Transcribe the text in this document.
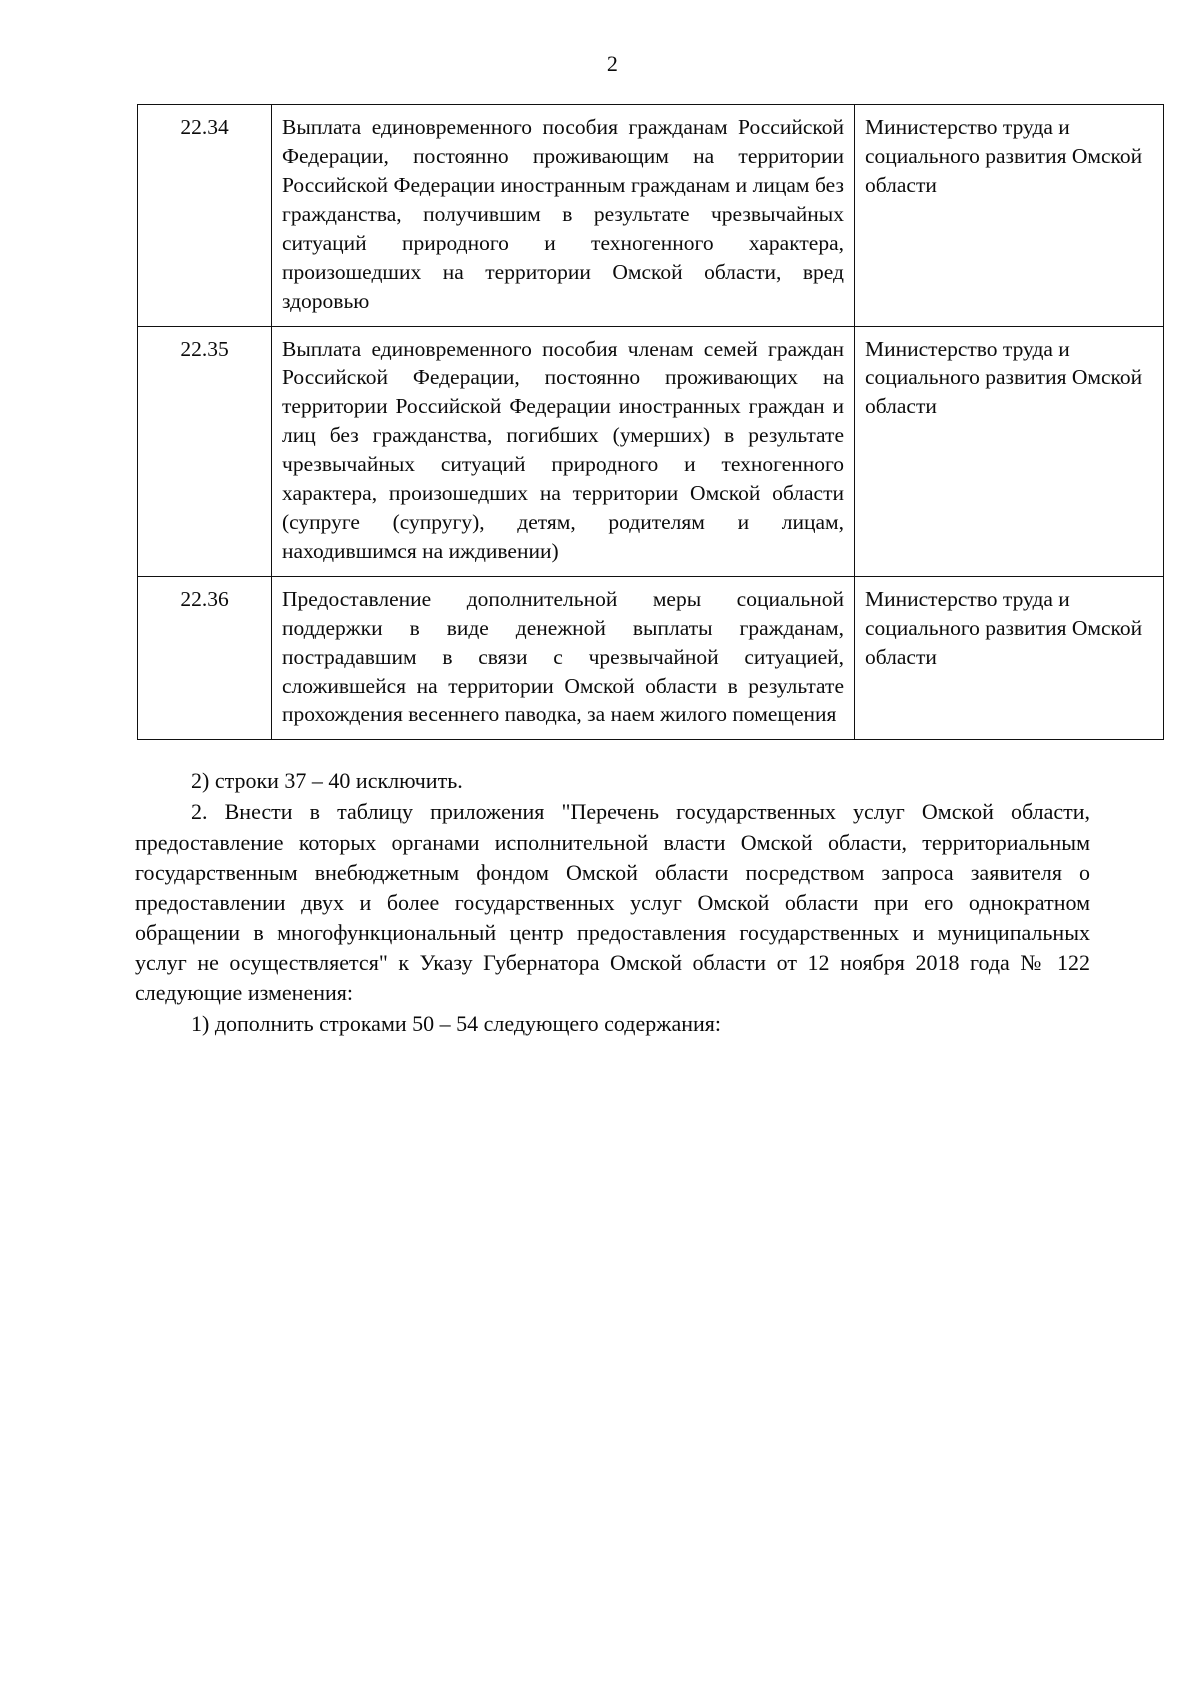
2
22.34	Выплата единовременного пособия гражданам Российской Федерации, постоянно проживающим на территории Российской Федерации иностранным гражданам и лицам без гражданства, получившим в результате чрезвычайных ситуаций природного и техногенного характера, произошедших на территории Омской области, вред здоровью	Министерство труда и социального развития Омской области
22.35	Выплата единовременного пособия членам семей граждан Российской Федерации, постоянно проживающих на территории Российской Федерации иностранных граждан и лиц без гражданства, погибших (умерших) в результате чрезвычайных ситуаций природного и техногенного характера, произошедших на территории Омской области (супруге (супругу), детям, родителям и лицам, находившимся на иждивении)	Министерство труда и социального развития Омской области
22.36	Предоставление дополнительной меры социальной поддержки в виде денежной выплаты гражданам, пострадавшим в связи с чрезвычайной ситуацией, сложившейся на территории Омской области в результате прохождения весеннего паводка, за наем жилого помещения	Министерство труда и социального развития Омской области

2) строки 37 – 40 исключить.

2. Внести в таблицу приложения "Перечень государственных услуг Омской области, предоставление которых органами исполнительной власти Омской области, территориальным государственным внебюджетным фондом Омской области посредством запроса заявителя о предоставлении двух и более государственных услуг Омской области при его однократном обращении в многофункциональный центр предоставления государственных и муниципальных услуг не осуществляется" к Указу Губернатора Омской области от 12 ноября 2018 года № 122 следующие изменения:

1) дополнить строками 50 – 54 следующего содержания:
